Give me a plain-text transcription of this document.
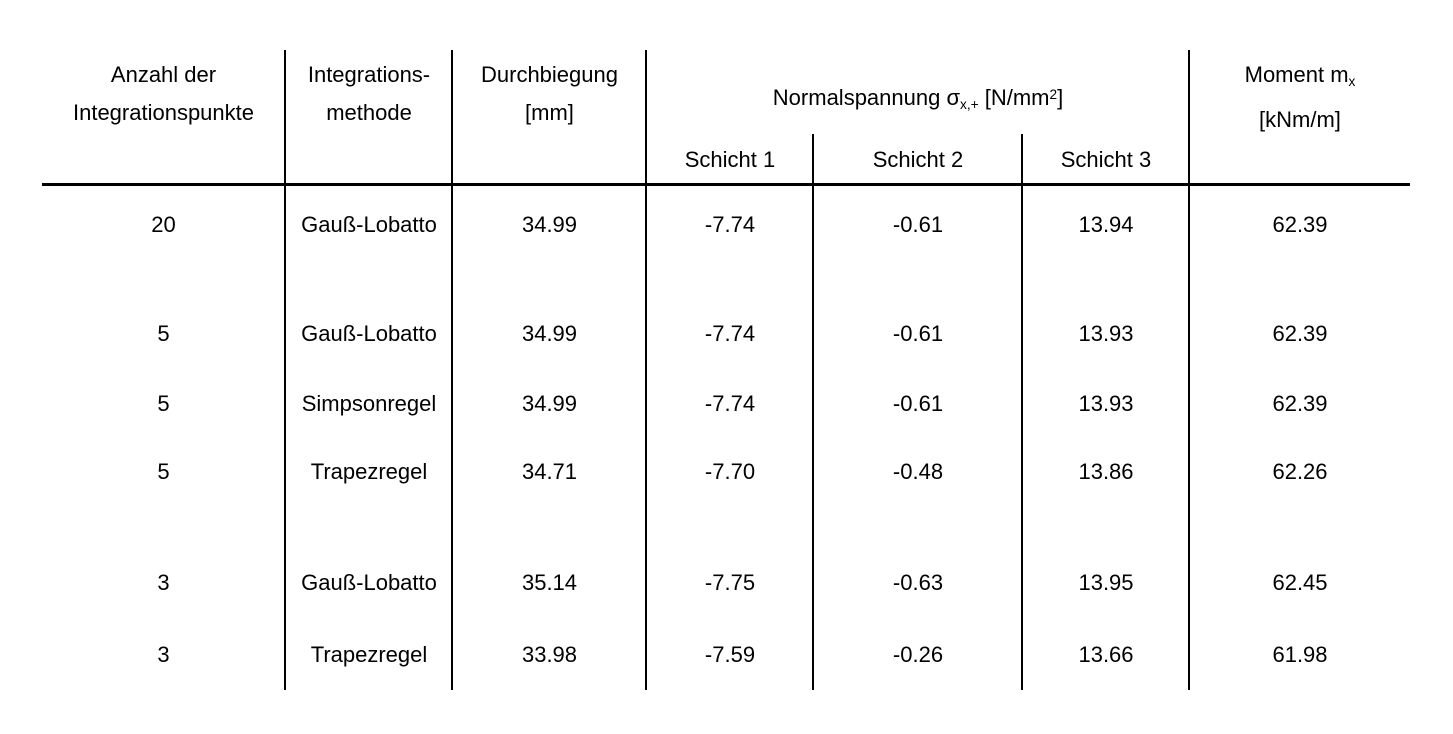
Anzahl der
Integrationspunkte
Integrations-
methode
Durchbiegung
[mm]
Normalspannung $\sigma_{x,+}$ $[N/mm^2]$
Schicht 1	Schicht 2	Schicht 3
Moment $m_x$
[kNm/m]
20	Gauß-Lobatto	34.99	-7.74	-0.61	13.94	62.39
5	Gauß-Lobatto	34.99	-7.74	-0.61	13.93	62.39
5	Simpsonregel	34.99	-7.74	-0.61	13.93	62.39
5	Trapezregel	34.71	-7.70	-0.48	13.86	62.26
3	Gauß-Lobatto	35.14	-7.75	-0.63	13.95	62.45
3	Trapezregel	33.98	-7.59	-0.26	13.66	61.98
